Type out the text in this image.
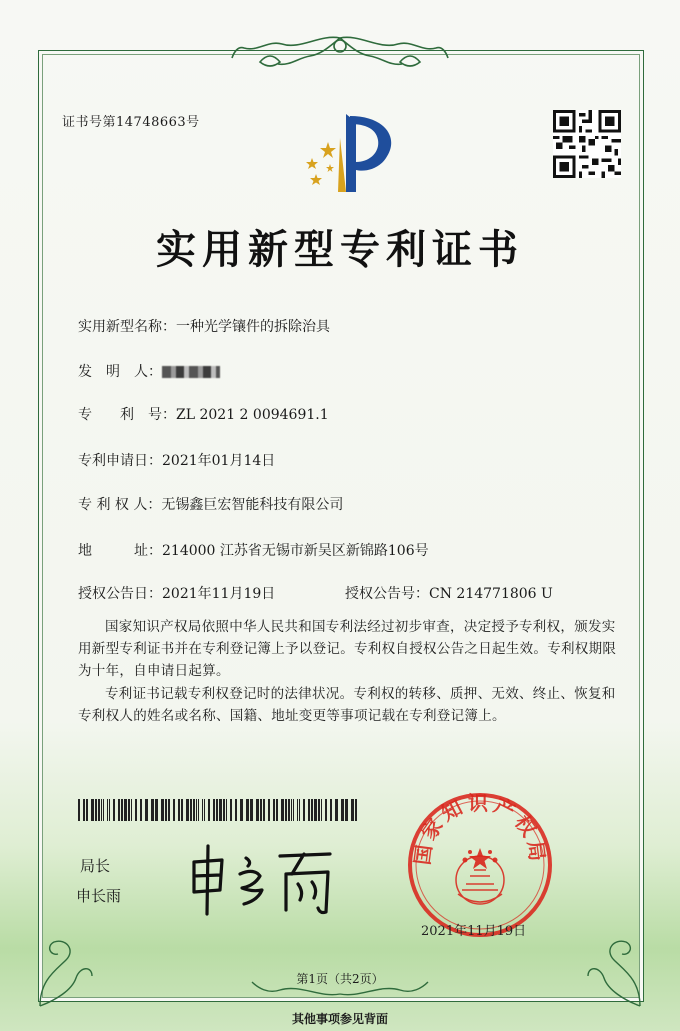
证书号第14748663号
实用新型专利证书
实用新型名称：一种光学镶件的拆除治具
发　明　人：
专　　利　号：ZL 2021 2 0094691.1
专利申请日：2021年01月14日
专 利 权 人：无锡鑫巨宏智能科技有限公司
地　　　址：214000 江苏省无锡市新吴区新锦路106号
授权公告日：2021年11月19日	授权公告号：CN 214771806 U
国家知识产权局依照中华人民共和国专利法经过初步审查，决定授予专利权，颁发实用新型专利证书并在专利登记簿上予以登记。专利权自授权公告之日起生效。专利权期限为十年，自申请日起算。
专利证书记载专利权登记时的法律状况。专利权的转移、质押、无效、终止、恢复和专利权人的姓名或名称、国籍、地址变更等事项记载在专利登记簿上。
局长
申长雨
国家知识产权局
2021年11月19日
第1页（共2页）
其他事项参见背面
